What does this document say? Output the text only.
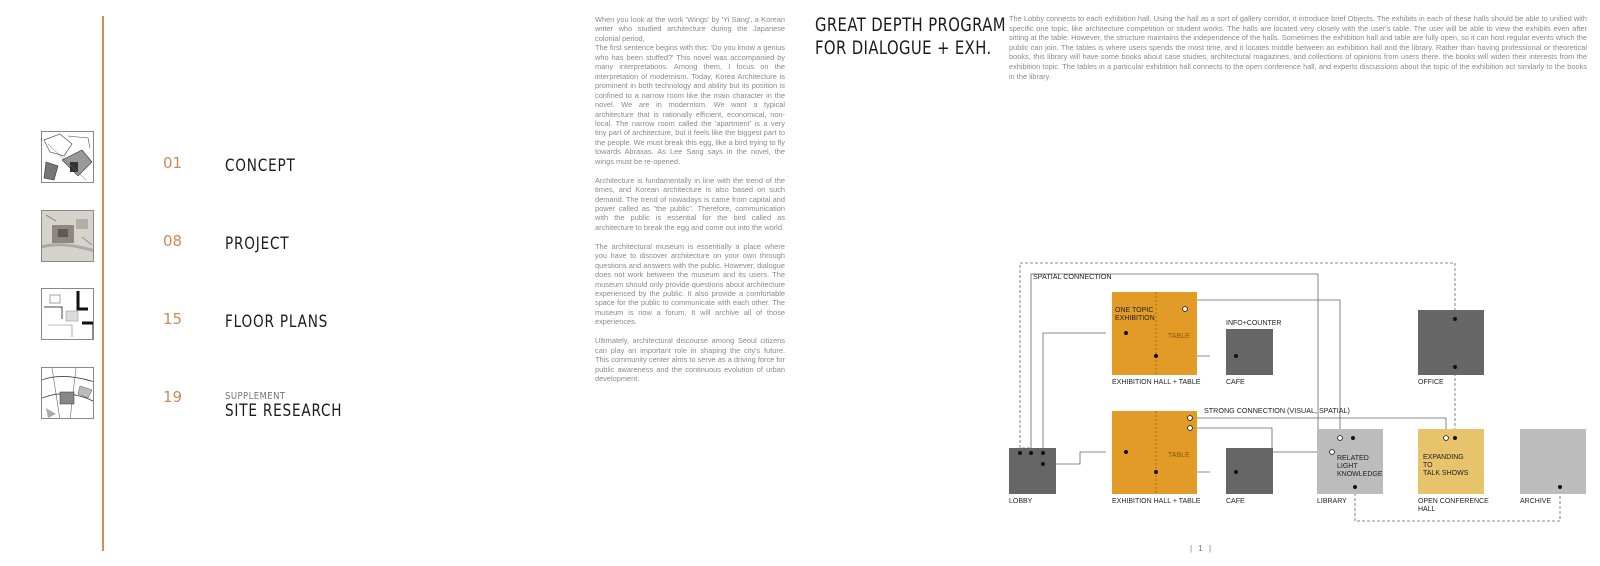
01	CONCEPT
08	PROJECT
15	FLOOR PLANS
19	SUPPLEMENT
SITE RESEARCH

When you look at the work 'Wings' by 'Yi Sang', a Korean writer who studied architecture during the Japanese colonial period,
The first sentence begins with this: 'Do you know a genius who has been stuffed?' This novel was accompanied by many interpretations. Among them, I focus on the interpretation of modernism. Today, Korea Architecture is prominent in both technology and ability but its position is confined to a narrow room like the main character in the novel. We are in modernism. We want a typical architecture that is rationally efficient, economical, non-local. The narrow room called the 'apartment' is a very tiny part of architecture, but it feels like the biggest part to the people. We must break this egg, like a bird trying to fly towards Abraxas. As Lee Sang says in the novel, the wings must be re-opened.

Architecture is fundamentally in line with the trend of the times, and Korean architecture is also based on such demand. The trend of nowadays is came from capital and power called as "the public". Therefore, communication with the public is essential for the bird called as architecture to break the egg and come out into the world.

The architectural museum is essentially a place where you have to discover architecture on your own through questions and answers with the public. However, dialogue does not work between the museum and its users. The museum should only provide questions about architecture experienced by the public. It also provide a comfortable space for the public to communicate with each other. The museum is now a forum, It will archive all of those experiences.

Ultimately, architectural discourse among Seoul citizens can play an important role in shaping the city's future. This community center aims to serve as a driving force for public awareness and the continuous evolution of urban development.

GREAT DEPTH PROGRAM
FOR DIALOGUE + EXH.
The Lobby connects to each exhibition hall. Using the hall as a sort of gallery corridor, it introduce brief Objects. The exhibits in each of these halls should be able to unified with specific one topic, like architecture competition or student works. The halls are located very closely with the user's table. The user will be able to view the exhibits even after sitting at the table. However, the structure maintains the independence of the halls. Sometimes the exhibition hall and table are fully open, so it can host regular events which the public can join. The tables is where users spends the most time, and it locates middle between an exhibition hall and the library. Rather than having professional or theoretical books, this library will have some books about case studies, architectural magazines, and collections of opinions from users there. the books will widen their interests from the exhibition topic. The tables in a particular exhibition hall connects to the open conference hall, and experts discussions about the topic of the exhibition act similarly to the books in the library.
SPATIAL CONNECTION
STRONG CONNECTION (VISUAL, SPATIAL)
ONE TOPIC
EXHIBITION
TABLE
EXHIBITION HALL + TABLE
INFO+COUNTER
CAFE	OFFICE
LOBBY
TABLE
EXHIBITION HALL + TABLE	CAFE
RELATED
LIGHT
KNOWLEDGE
LIBRARY
EXPANDING
TO
TALK SHOWS
OPEN CONFERENCE
HALL
ARCHIVE
| 1 |
